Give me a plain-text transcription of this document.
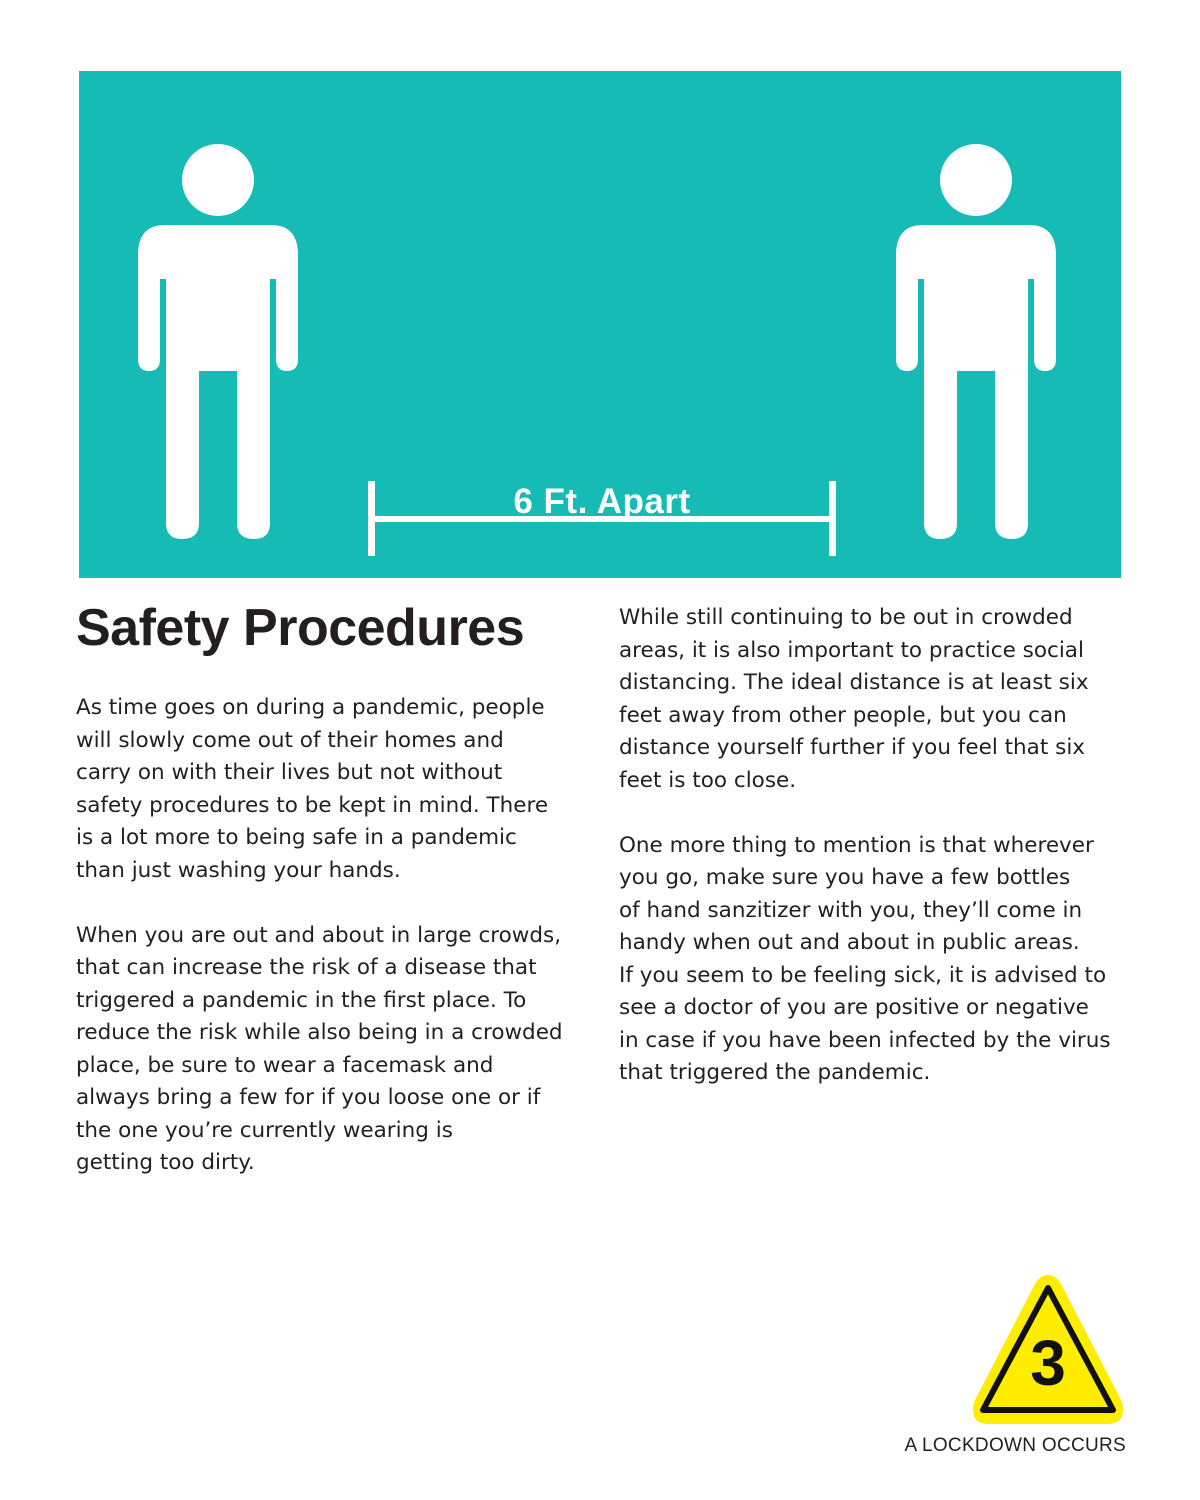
6 Ft. Apart
Safety Procedures

As time goes on during a pandemic, people
will slowly come out of their homes and
carry on with their lives but not without
safety procedures to be kept in mind. There
is a lot more to being safe in a pandemic
than just washing your hands.

When you are out and about in large crowds,
that can increase the risk of a disease that
triggered a pandemic in the first place. To
reduce the risk while also being in a crowded
place, be sure to wear a facemask and
always bring a few for if you loose one or if
the one you’re currently wearing is
getting too dirty.

While still continuing to be out in crowded
areas, it is also important to practice social
distancing. The ideal distance is at least six
feet away from other people, but you can
distance yourself further if you feel that six
feet is too close.

One more thing to mention is that wherever
you go, make sure you have a few bottles
of hand sanzitizer with you, they’ll come in
handy when out and about in public areas.
If you seem to be feeling sick, it is advised to
see a doctor of you are positive or negative
in case if you have been infected by the virus
that triggered the pandemic.

3
A LOCKDOWN OCCURS
